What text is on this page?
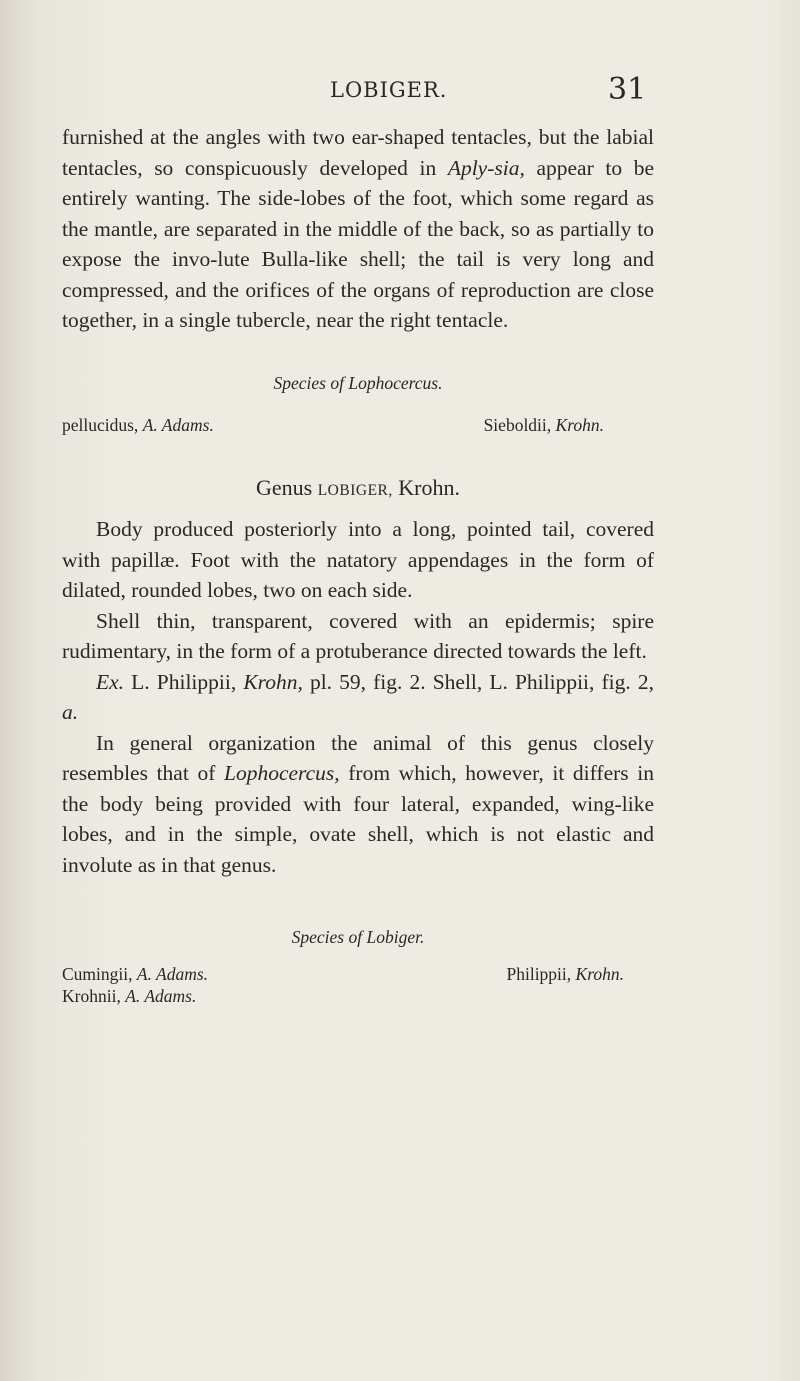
LOBIGER.	31

furnished at the angles with two ear-shaped tentacles, but the labial tentacles, so conspicuously developed in Aply-sia, appear to be entirely wanting. The side-lobes of the foot, which some regard as the mantle, are separated in the middle of the back, so as partially to expose the invo-lute Bulla-like shell; the tail is very long and compressed, and the orifices of the organs of reproduction are close together, in a single tubercle, near the right tentacle.

Species of Lophocercus.

pellucidus, A. Adams.	Sieboldii, Krohn.

Genus LOBIGER, Krohn.

Body produced posteriorly into a long, pointed tail, covered with papillæ. Foot with the natatory appendages in the form of dilated, rounded lobes, two on each side.

Shell thin, transparent, covered with an epidermis; spire rudimentary, in the form of a protuberance directed towards the left.

Ex. L. Philippii, Krohn, pl. 59, fig. 2. Shell, L. Philippii, fig. 2, a.

In general organization the animal of this genus closely resembles that of Lophocercus, from which, however, it differs in the body being provided with four lateral, expanded, wing-like lobes, and in the simple, ovate shell, which is not elastic and involute as in that genus.

Species of Lobiger.

Cumingii, A. Adams.
Krohnii, A. Adams.
Philippii, Krohn.
